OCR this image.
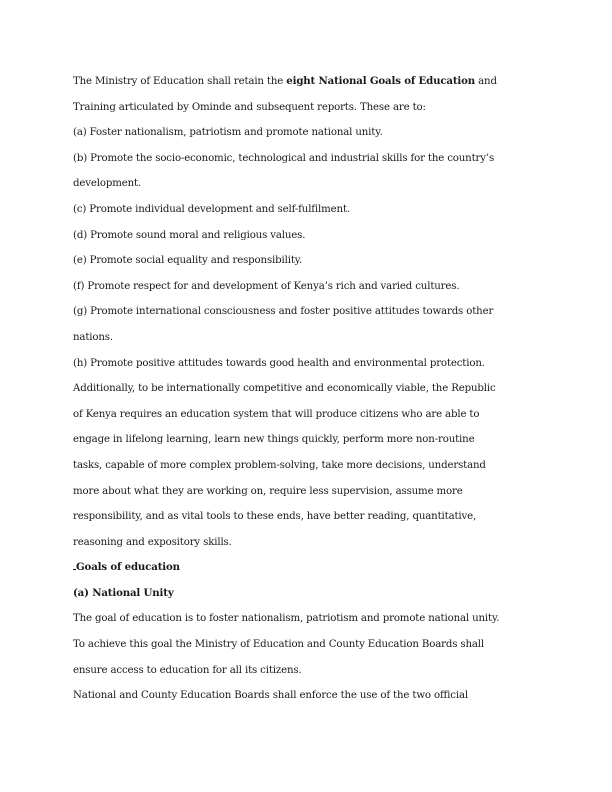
The Ministry of Education shall retain the eight National Goals of Education and
Training articulated by Ominde and subsequent reports. These are to:
(a) Foster nationalism, patriotism and promote national unity.
(b) Promote the socio-economic, technological and industrial skills for the country’s
development.
(c) Promote individual development and self-fulfilment.
(d) Promote sound moral and religious values.
(e) Promote social equality and responsibility.
(f) Promote respect for and development of Kenya’s rich and varied cultures.
(g) Promote international consciousness and foster positive attitudes towards other
nations.
(h) Promote positive attitudes towards good health and environmental protection.
Additionally, to be internationally competitive and economically viable, the Republic
of Kenya requires an education system that will produce citizens who are able to
engage in lifelong learning, learn new things quickly, perform more non-routine
tasks, capable of more complex problem-solving, take more decisions, understand
more about what they are working on, require less supervision, assume more
responsibility, and as vital tools to these ends, have better reading, quantitative,
reasoning and expository skills.
Goals of education
(a) National Unity
The goal of education is to foster nationalism, patriotism and promote national unity.
To achieve this goal the Ministry of Education and County Education Boards shall
ensure access to education for all its citizens.
National and County Education Boards shall enforce the use of the two official
